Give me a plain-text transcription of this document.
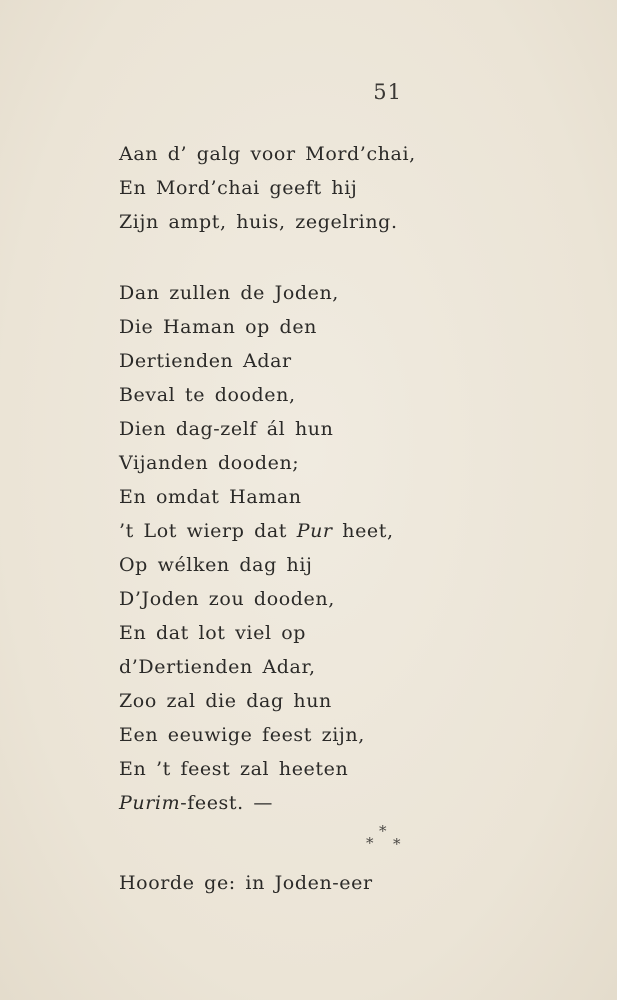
51
Aan d’ galg voor Mord’chai,
En Mord’chai geeft hij
Zijn ampt, huis, zegelring.
Dan zullen de Joden,
Die Haman op den
Dertienden Adar
Beval te dooden,
Dien dag-zelf ál hun
Vijanden dooden;
En omdat Haman
’t Lot wierp dat Pur heet,
Op wélken dag hij
D’Joden zou dooden,
En dat lot viel op
d’Dertienden Adar,
Zoo zal die dag hun
Een eeuwige feest zijn,
En ’t feest zal heeten
Purim-feest. —
*
* *
Hoorde ge: in Joden-eer
